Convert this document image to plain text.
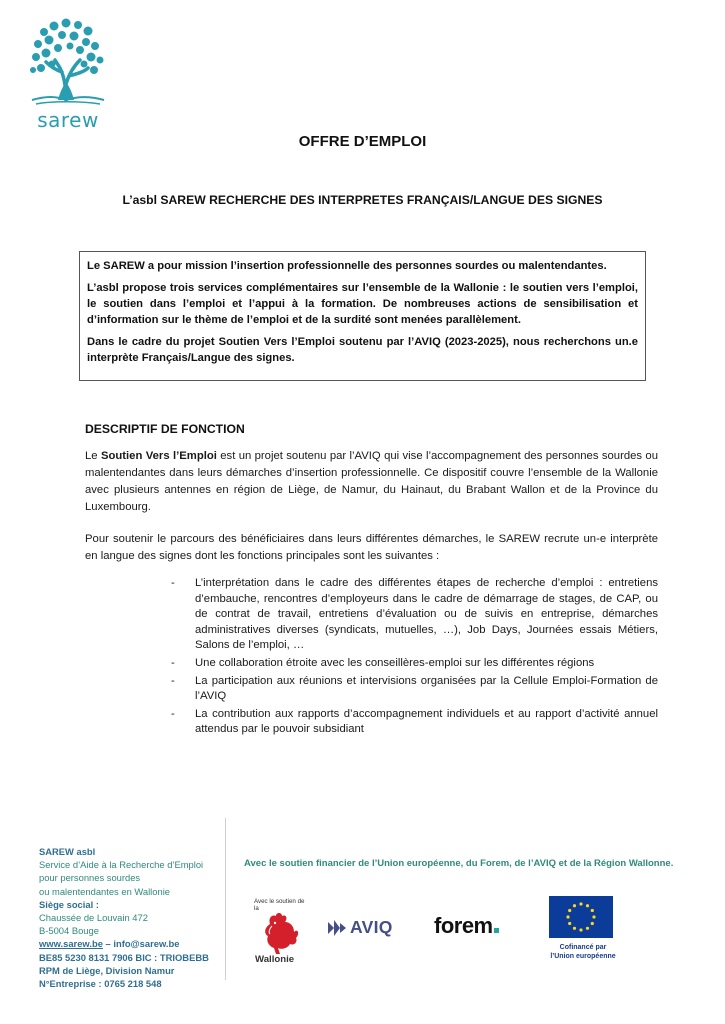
sarew
OFFRE D’EMPLOI
L’asbl SAREW RECHERCHE DES INTERPRETES FRANÇAIS/LANGUE DES SIGNES

Le SAREW a pour mission l’insertion professionnelle des personnes sourdes ou malentendantes.

L’asbl propose trois services complémentaires sur l’ensemble de la Wallonie : le soutien vers l’emploi, le soutien dans l’emploi et l’appui à la formation. De nombreuses actions de sensibilisation et d’information sur le thème de l’emploi et de la surdité sont menées parallèlement.

Dans le cadre du projet Soutien Vers l’Emploi soutenu par l’AVIQ (2023-2025), nous recherchons un.e interprète Français/Langue des signes.

DESCRIPTIF DE FONCTION
Le Soutien Vers l’Emploi est un projet soutenu par l’AVIQ qui vise l’accompagnement des personnes sourdes ou malentendantes dans leurs démarches d’insertion professionnelle. Ce dispositif couvre l’ensemble de la Wallonie avec plusieurs antennes en région de Liège, de Namur, du Hainaut, du Brabant Wallon et de la Province du Luxembourg.
Pour soutenir le parcours des bénéficiaires dans leurs différentes démarches, le SAREW recrute un-e interprète en langue des signes dont les fonctions principales sont les suivantes :
- L’interprétation dans le cadre des différentes étapes de recherche d’emploi : entretiens d’embauche, rencontres d’employeurs dans le cadre de démarrage de stages, de CAP, ou de contrat de travail, entretiens d’évaluation ou de suivis en entreprise, démarches administratives diverses (syndicats, mutuelles, …), Job Days, Journées essais Métiers, Salons de l’emploi, …
- Une collaboration étroite avec les conseillères-emploi sur les différentes régions
- La participation aux réunions et intervisions organisées par la Cellule Emploi-Formation de l’AVIQ
- La contribution aux rapports d’accompagnement individuels et au rapport d’activité annuel attendus par le pouvoir subsidiant
SAREW asbl
Service d’Aide à la Recherche d’Emploi
pour personnes sourdes
ou malentendantes en Wallonie
Siège social :
Chaussée de Louvain 472
B-5004 Bouge
www.sarew.be – info@sarew.be
BE85 5230 8131 7906 BIC : TRIOBEBB
RPM de Liège, Division Namur
N°Entreprise : 0765 218 548
Avec le soutien financier de l’Union européenne, du Forem, de l’AVIQ et de la Région Wallonne.
Avec le soutien de la
Wallonie
AVIQ forem
Cofinancé par
l’Union européenne
